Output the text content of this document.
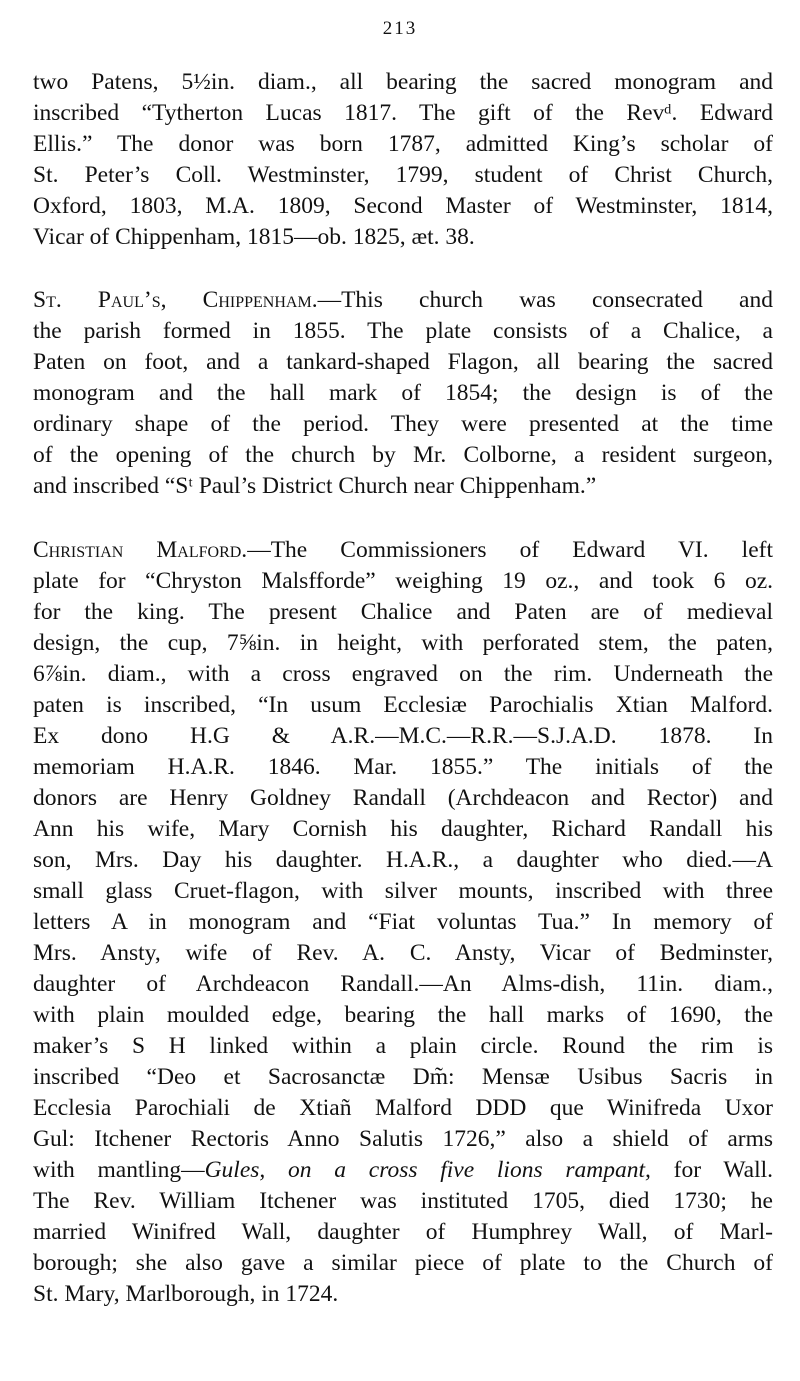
213
two Patens, 5½in. diam., all bearing the sacred monogram and
inscribed “Tytherton Lucas 1817. The gift of the Revᵈ. Edward
Ellis.” The donor was born 1787, admitted King’s scholar of
St. Peter’s Coll. Westminster, 1799, student of Christ Church,
Oxford, 1803, M.A. 1809, Second Master of Westminster, 1814,
Vicar of Chippenham, 1815—ob. 1825, æt. 38.
St. Paul’s, Chippenham.—This church was consecrated and
the parish formed in 1855. The plate consists of a Chalice, a
Paten on foot, and a tankard-shaped Flagon, all bearing the sacred
monogram and the hall mark of 1854; the design is of the
ordinary shape of the period. They were presented at the time
of the opening of the church by Mr. Colborne, a resident surgeon,
and inscribed “Sᵗ Paul’s District Church near Chippenham.”
Christian Malford.—The Commissioners of Edward VI. left
plate for “Chryston Malsfforde” weighing 19 oz., and took 6 oz.
for the king. The present Chalice and Paten are of medieval
design, the cup, 7⅝in. in height, with perforated stem, the paten,
6⅞in. diam., with a cross engraved on the rim. Underneath the
paten is inscribed, “In usum Ecclesiæ Parochialis Xtian Malford.
Ex dono H.G & A.R.—M.C.—R.R.—S.J.A.D. 1878. In
memoriam H.A.R. 1846. Mar. 1855.” The initials of the
donors are Henry Goldney Randall (Archdeacon and Rector) and
Ann his wife, Mary Cornish his daughter, Richard Randall his
son, Mrs. Day his daughter. H.A.R., a daughter who died.—A
small glass Cruet-flagon, with silver mounts, inscribed with three
letters A in monogram and “Fiat voluntas Tua.” In memory of
Mrs. Ansty, wife of Rev. A. C. Ansty, Vicar of Bedminster,
daughter of Archdeacon Randall.—An Alms-dish, 11in. diam.,
with plain moulded edge, bearing the hall marks of 1690, the
maker’s S H linked within a plain circle. Round the rim is
inscribed “Deo et Sacrosanctæ Dm̃: Mensæ Usibus Sacris in
Ecclesia Parochiali de Xtiañ Malford DDD que Winifreda Uxor
Gul: Itchener Rectoris Anno Salutis 1726,” also a shield of arms
with mantling—Gules, on a cross five lions rampant, for Wall.
The Rev. William Itchener was instituted 1705, died 1730; he
married Winifred Wall, daughter of Humphrey Wall, of Marl-
borough; she also gave a similar piece of plate to the Church of
St. Mary, Marlborough, in 1724.
